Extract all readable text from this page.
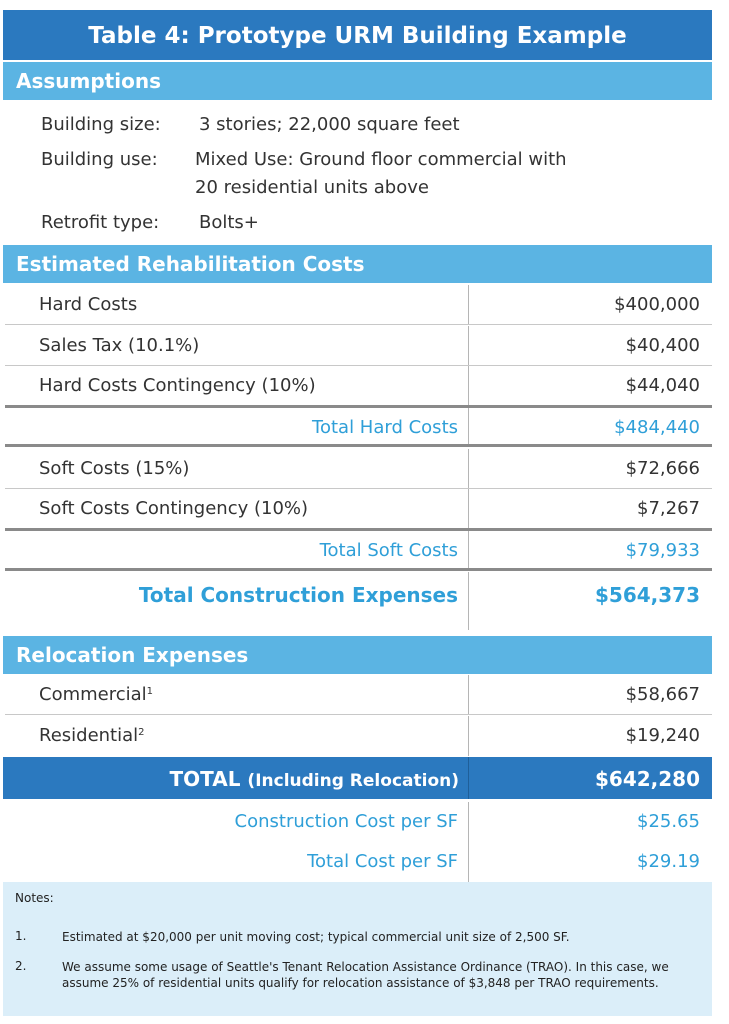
Table 4: Prototype URM Building Example
Assumptions
Building size: 3 stories; 22,000 square feet
Building use: Mixed Use: Ground floor commercial with
20 residential units above
Retrofit type: Bolts+
Estimated Rehabilitation Costs
Hard Costs	$400,000
Sales Tax (10.1%)	$40,400
Hard Costs Contingency (10%)	$44,040
Total Hard Costs	$484,440
Soft Costs (15%)	$72,666
Soft Costs Contingency (10%)	$7,267
Total Soft Costs	$79,933
Total Construction Expenses	$564,373
Relocation Expenses
Commercial$^1$	$58,667
Residential$^2$	$19,240
TOTAL (Including Relocation)	$642,280
Construction Cost per SF	$25.65
Total Cost per SF	$29.19
Notes:
1.	Estimated at $20,000 per unit moving cost; typical commercial unit size of 2,500 SF.
2.	We assume some usage of Seattle's Tenant Relocation Assistance Ordinance (TRAO). In this case, we assume 25% of residential units qualify for relocation assistance of $3,848 per TRAO requirements.
